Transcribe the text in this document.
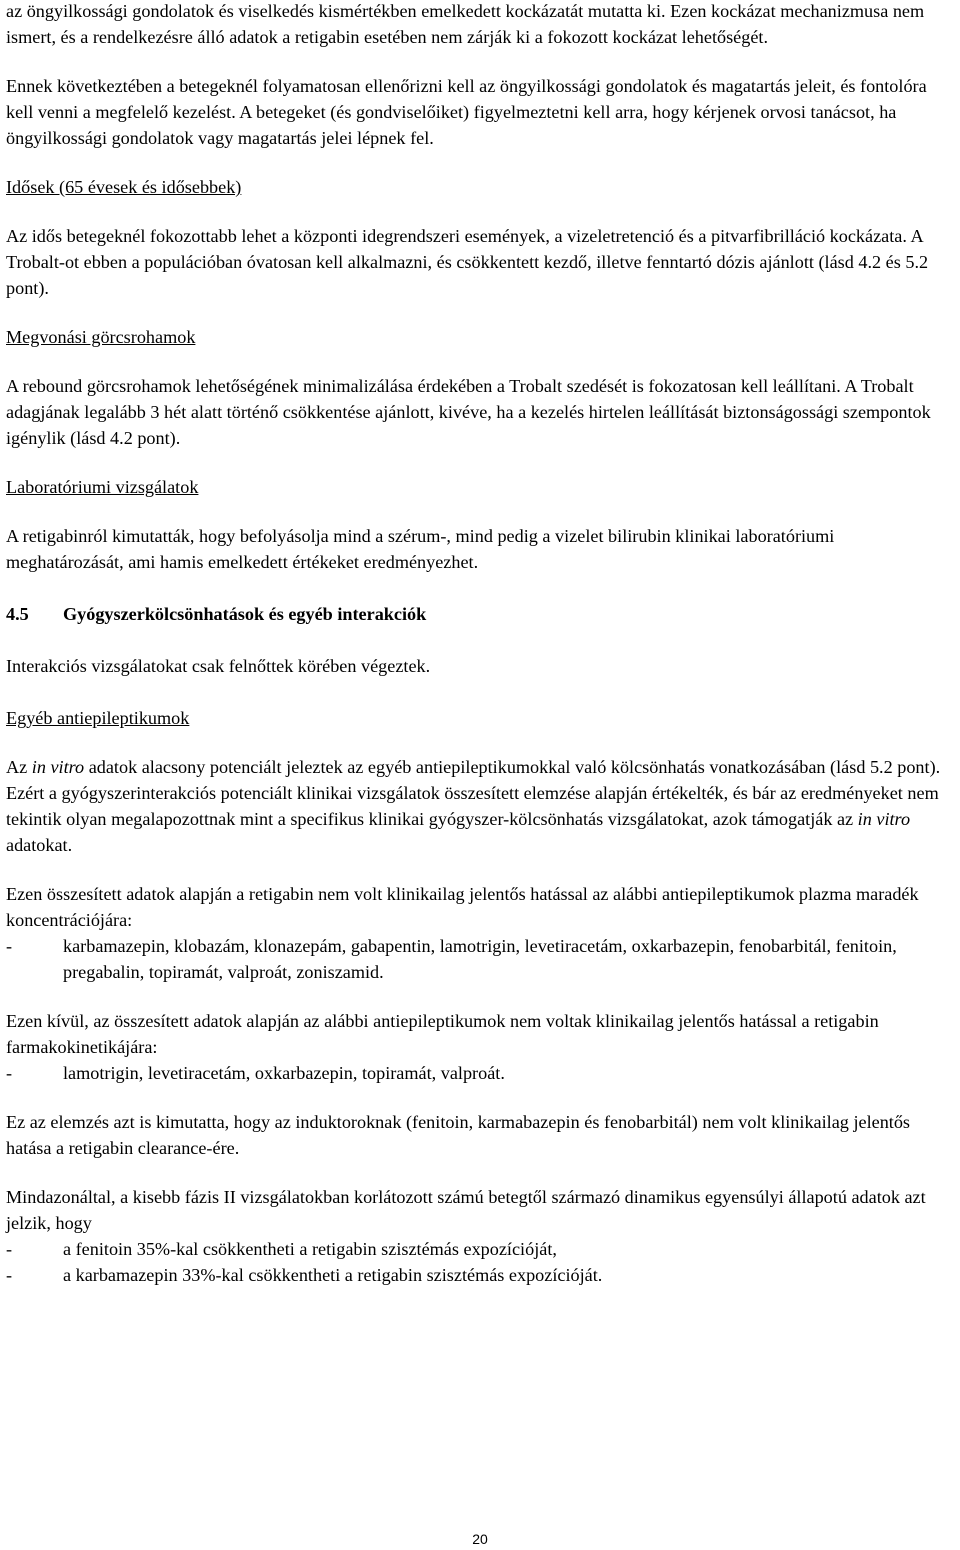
az öngyilkossági gondolatok és viselkedés kismértékben emelkedett kockázatát mutatta ki. Ezen kockázat mechanizmusa nem ismert, és a rendelkezésre álló adatok a retigabin esetében nem zárják ki a fokozott kockázat lehetőségét.

Ennek következtében a betegeknél folyamatosan ellenőrizni kell az öngyilkossági gondolatok és magatartás jeleit, és fontolóra kell venni a megfelelő kezelést. A betegeket (és gondviselőiket) figyelmeztetni kell arra, hogy kérjenek orvosi tanácsot, ha öngyilkossági gondolatok vagy magatartás jelei lépnek fel.

Idősek (65 évesek és idősebbek)

Az idős betegeknél fokozottabb lehet a központi idegrendszeri események, a vizeletretenció és a pitvarfibrilláció kockázata. A Trobalt-ot ebben a populációban óvatosan kell alkalmazni, és csökkentett kezdő, illetve fenntartó dózis ajánlott (lásd 4.2 és 5.2 pont).

Megvonási görcsrohamok

A rebound görcsrohamok lehetőségének minimalizálása érdekében a Trobalt szedését is fokozatosan kell leállítani. A Trobalt adagjának legalább 3 hét alatt történő csökkentése ajánlott, kivéve, ha a kezelés hirtelen leállítását biztonságossági szempontok igénylik (lásd 4.2 pont).

Laboratóriumi vizsgálatok

A retigabinról kimutatták, hogy befolyásolja mind a szérum-, mind pedig a vizelet bilirubin klinikai laboratóriumi meghatározását, ami hamis emelkedett értékeket eredményezhet.

4.5 Gyógyszerkölcsönhatások és egyéb interakciók

Interakciós vizsgálatokat csak felnőttek körében végeztek.

Egyéb antiepileptikumok

Az in vitro adatok alacsony potenciált jeleztek az egyéb antiepileptikumokkal való kölcsönhatás vonatkozásában (lásd 5.2 pont). Ezért a gyógyszerinterakciós potenciált klinikai vizsgálatok összesített elemzése alapján értékelték, és bár az eredményeket nem tekintik olyan megalapozottnak mint a specifikus klinikai gyógyszer-kölcsönhatás vizsgálatokat, azok támogatják az in vitro adatokat.

Ezen összesített adatok alapján a retigabin nem volt klinikailag jelentős hatással az alábbi antiepileptikumok plazma maradék koncentrációjára:

-	karbamazepin, klobazám, klonazepám, gabapentin, lamotrigin, levetiracetám, oxkarbazepin, fenobarbitál, fenitoin, pregabalin, topiramát, valproát, zoniszamid.

Ezen kívül, az összesített adatok alapján az alábbi antiepileptikumok nem voltak klinikailag jelentős hatással a retigabin farmakokinetikájára:

-	lamotrigin, levetiracetám, oxkarbazepin, topiramát, valproát.

Ez az elemzés azt is kimutatta, hogy az induktoroknak (fenitoin, karmabazepin és fenobarbitál) nem volt klinikailag jelentős hatása a retigabin clearance-ére.

Mindazonáltal, a kisebb fázis II vizsgálatokban korlátozott számú betegtől származó dinamikus egyensúlyi állapotú adatok azt jelzik, hogy

-	a fenitoin 35%-kal csökkentheti a retigabin szisztémás expozícióját,
-	a karbamazepin 33%-kal csökkentheti a retigabin szisztémás expozícióját.
20
